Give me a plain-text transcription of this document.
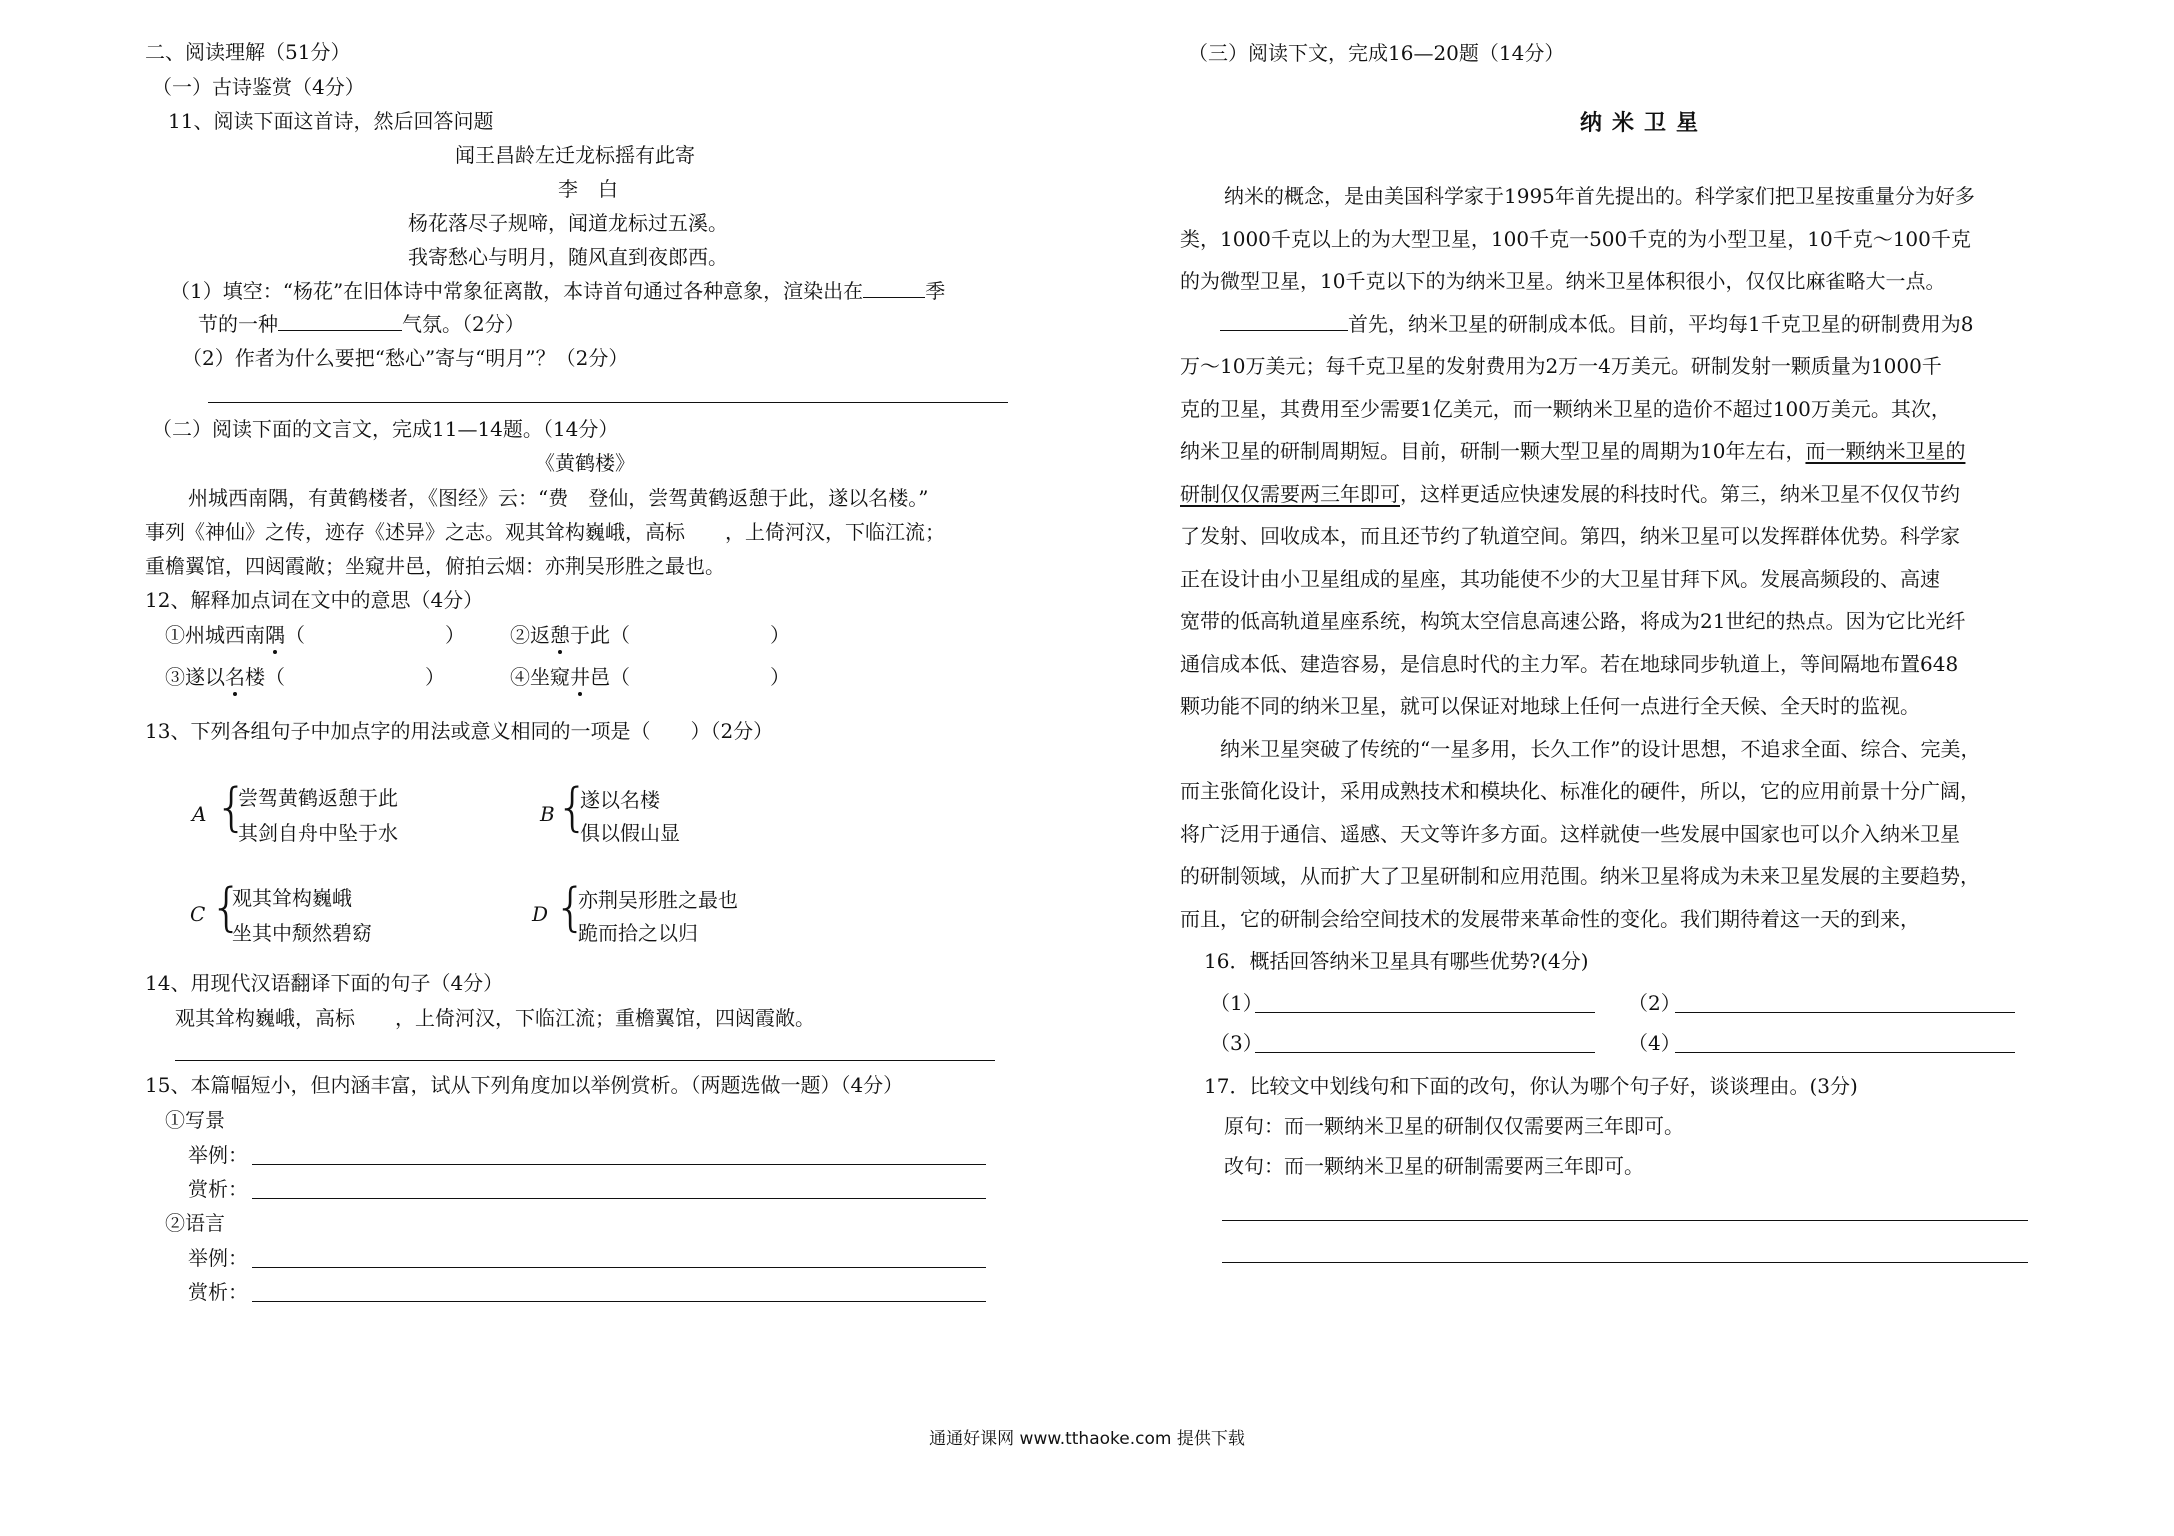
二、阅读理解（51分）
（一）古诗鉴赏（4分）
11、阅读下面这首诗，然后回答问题
闻王昌龄左迁龙标摇有此寄
李　白
杨花落尽子规啼，闻道龙标过五溪。
我寄愁心与明月，随风直到夜郎西。
（1）填空：“杨花”在旧体诗中常象征离散，本诗首句通过各种意象，渲染出在	季
节的一种	气氛。（2分）
（2）作者为什么要把“愁心”寄与“明月”？（2分）
（二）阅读下面的文言文，完成11—14题。（14分）
《黄鹤楼》
州城西南隅，有黄鹤楼者，《图经》云：“费　登仙，尝驾黄鹤返憩于此，遂以名楼。”
事列《神仙》之传，迹存《述异》之志。观其耸构巍峨，高标　　，上倚河汉，下临江流；
重檐翼馆，四闼霞敞；坐窥井邑，俯拍云烟：亦荆吴形胜之最也。
12、解释加点词在文中的意思（4分）
①州城西南隅（　　　　　　　） ②返憩于此（　　　　　　　）
③遂以名楼（　　　　　　　）	④坐窥井邑（　　　　　　　）
13、下列各组句子中加点字的用法或意义相同的一项是（　　）（2分）
A {
尝驾黄鹤返憩于此
其剑自舟中坠于水
B {
遂以名楼
俱以假山显
C {
观其耸构巍峨
坐其中颓然碧窈
D {
亦荆吴形胜之最也
跪而拾之以归
14、用现代汉语翻译下面的句子（4分）
观其耸构巍峨，高标　　，上倚河汉，下临江流；重檐翼馆，四闼霞敞。
15、本篇幅短小，但内涵丰富，试从下列角度加以举例赏析。（两题选做一题）（4分）
①写景
举例：
赏析：
②语言
举例：
赏析：
（三）阅读下文，完成16—20题（14分）
纳米卫星
纳米的概念，是由美国科学家于1995年首先提出的。科学家们把卫星按重量分为好多
类，1000千克以上的为大型卫星，100千克一500千克的为小型卫星，10千克～100千克
的为微型卫星，10千克以下的为纳米卫星。纳米卫星体积很小，仅仅比麻雀略大一点。
首先，纳米卫星的研制成本低。目前，平均每1千克卫星的研制费用为8
万～10万美元；每千克卫星的发射费用为2万一4万美元。研制发射一颗质量为1000千
克的卫星，其费用至少需要1亿美元，而一颗纳米卫星的造价不超过100万美元。其次，
纳米卫星的研制周期短。目前，研制一颗大型卫星的周期为10年左右，而一颗纳米卫星的
研制仅仅需要两三年即可，这样更适应快速发展的科技时代。第三，纳米卫星不仅仅节约
了发射、回收成本，而且还节约了轨道空间。第四，纳米卫星可以发挥群体优势。科学家
正在设计由小卫星组成的星座，其功能使不少的大卫星甘拜下风。发展高频段的、高速
宽带的低高轨道星座系统，构筑太空信息高速公路，将成为21世纪的热点。因为它比光纤
通信成本低、建造容易，是信息时代的主力军。若在地球同步轨道上，等间隔地布置648
颗功能不同的纳米卫星，就可以保证对地球上任何一点进行全天候、全天时的监视。
纳米卫星突破了传统的“一星多用，长久工作”的设计思想，不追求全面、综合、完美，
而主张简化设计，采用成熟技术和模块化、标准化的硬件，所以，它的应用前景十分广阔，
将广泛用于通信、遥感、天文等许多方面。这样就使一些发展中国家也可以介入纳米卫星
的研制领域，从而扩大了卫星研制和应用范围。纳米卫星将成为未来卫星发展的主要趋势，
而且，它的研制会给空间技术的发展带来革命性的变化。我们期待着这一天的到来，
16．概括回答纳米卫星具有哪些优势?(4分)
（1）	（2）
（3）	（4）
17．比较文中划线句和下面的改句，你认为哪个句子好，谈谈理由。(3分)
原句：而一颗纳米卫星的研制仅仅需要两三年即可。
改句：而一颗纳米卫星的研制需要两三年即可。
通通好课网 www.tthaoke.com 提供下载
